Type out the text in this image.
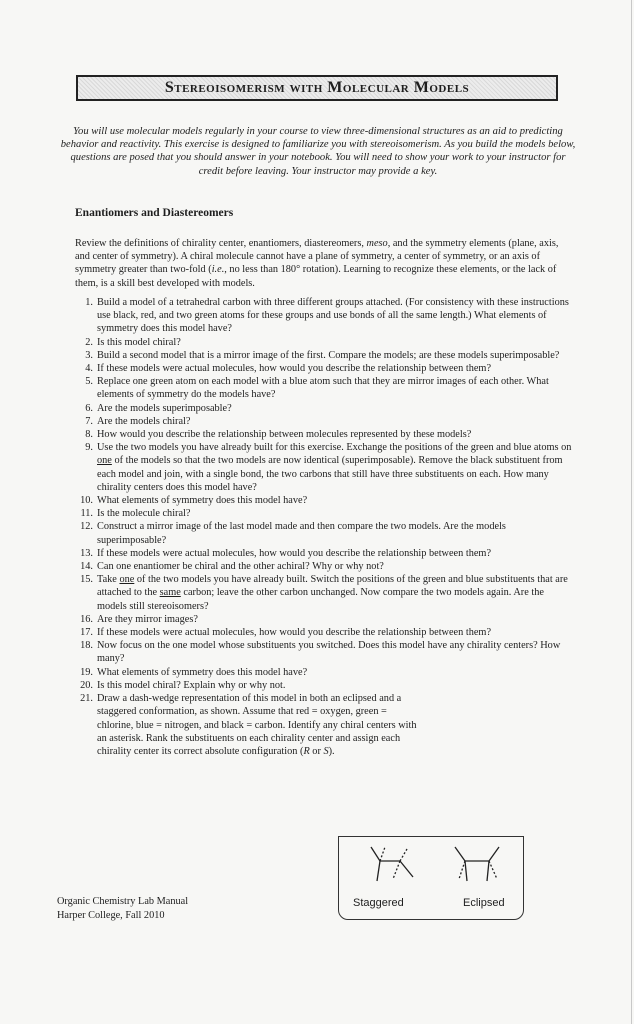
Stereoisomerism with Molecular Models
You will use molecular models regularly in your course to view three-dimensional structures as an aid to predicting behavior and reactivity. This exercise is designed to familiarize you with stereoisomerism. As you build the models below, questions are posed that you should answer in your notebook. You will need to show your work to your instructor for credit before leaving. Your instructor may provide a key.
Enantiomers and Diastereomers
Review the definitions of chirality center, enantiomers, diastereomers, meso, and the symmetry elements (plane, axis, and center of symmetry). A chiral molecule cannot have a plane of symmetry, a center of symmetry, or an axis of symmetry greater than two-fold (i.e., no less than 180° rotation). Learning to recognize these elements, or the lack of them, is a skill best developed with models.
1. Build a model of a tetrahedral carbon with three different groups attached. (For consistency with these instructions use black, red, and two green atoms for these groups and use bonds of all the same length.) What elements of symmetry does this model have?
2. Is this model chiral?
3. Build a second model that is a mirror image of the first. Compare the models; are these models superimposable?
4. If these models were actual molecules, how would you describe the relationship between them?
5. Replace one green atom on each model with a blue atom such that they are mirror images of each other. What elements of symmetry do the models have?
6. Are the models superimposable?
7. Are the models chiral?
8. How would you describe the relationship between molecules represented by these models?
9. Use the two models you have already built for this exercise. Exchange the positions of the green and blue atoms on one of the models so that the two models are now identical (superimposable). Remove the black substituent from each model and join, with a single bond, the two carbons that still have three substituents on each. How many chirality centers does this model have?
10. What elements of symmetry does this model have?
11. Is the molecule chiral?
12. Construct a mirror image of the last model made and then compare the two models. Are the models superimposable?
13. If these models were actual molecules, how would you describe the relationship between them?
14. Can one enantiomer be chiral and the other achiral? Why or why not?
15. Take one of the two models you have already built. Switch the positions of the green and blue substituents that are attached to the same carbon; leave the other carbon unchanged. Now compare the two models again. Are the models still stereoisomers?
16. Are they mirror images?
17. If these models were actual molecules, how would you describe the relationship between them?
18. Now focus on the one model whose substituents you switched. Does this model have any chirality centers? How many?
19. What elements of symmetry does this model have?
20. Is this model chiral? Explain why or why not.
21. Draw a dash-wedge representation of this model in both an eclipsed and a staggered conformation, as shown. Assume that red = oxygen, green = chlorine, blue = nitrogen, and black = carbon. Identify any chiral centers with an asterisk. Rank the substituents on each chirality center and assign each chirality center its correct absolute configuration (R or S).
Staggered	Eclipsed
Organic Chemistry Lab Manual
Harper College, Fall 2010
